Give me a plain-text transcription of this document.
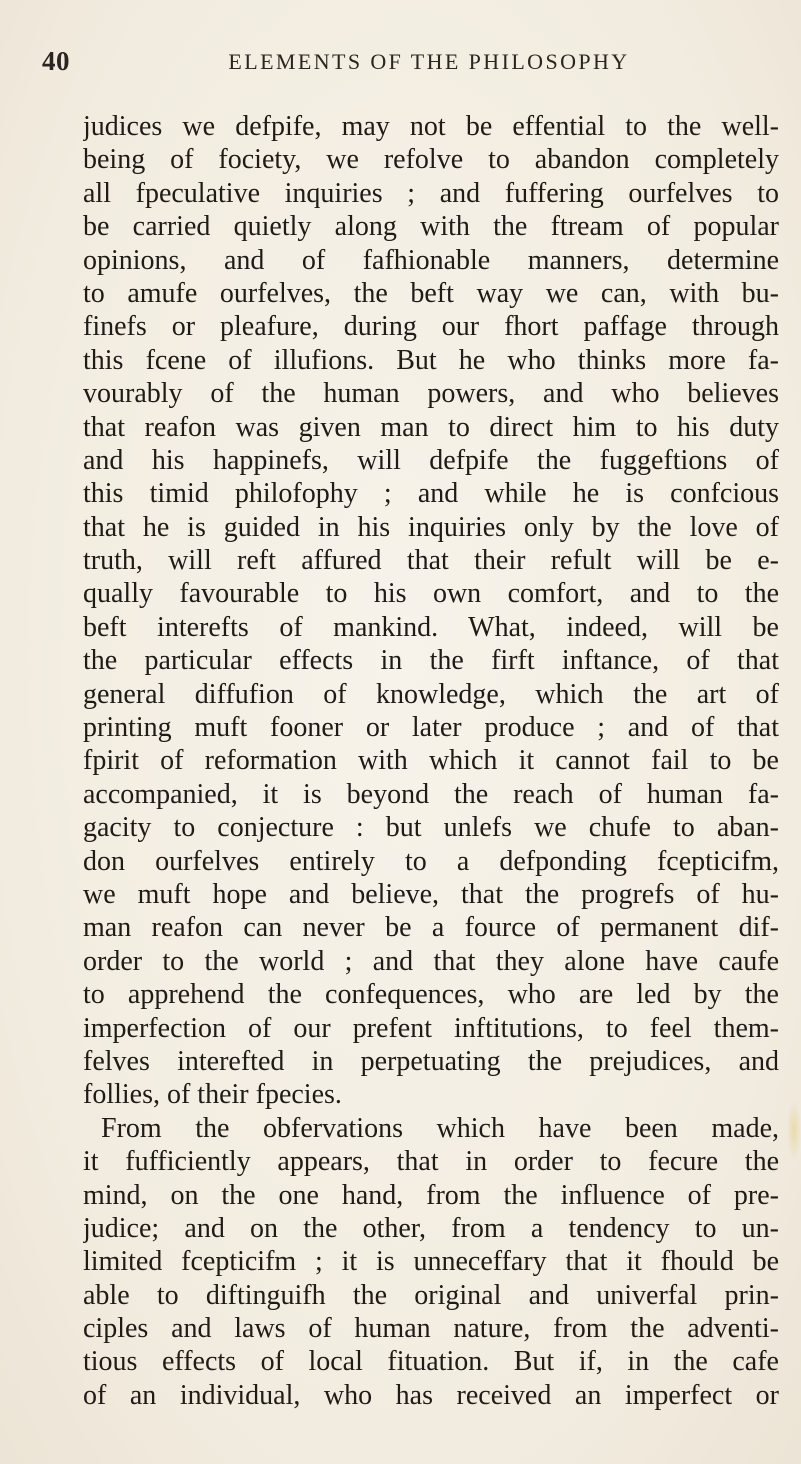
40	ELEMENTS OF THE PHILOSOPHY
judices we defpife, may not be effential to the well-
being of fociety, we refolve to abandon completely
all fpeculative inquiries ; and fuffering ourfelves to
be carried quietly along with the ftream of popular
opinions, and of fafhionable manners, determine
to amufe ourfelves, the beft way we can, with bu-
finefs or pleafure, during our fhort paffage through
this fcene of illufions. But he who thinks more fa-
vourably of the human powers, and who believes
that reafon was given man to direct him to his duty
and his happinefs, will defpife the fuggeftions of
this timid philofophy ; and while he is confcious
that he is guided in his inquiries only by the love of
truth, will reft affured that their refult will be e-
qually favourable to his own comfort, and to the
beft interefts of mankind. What, indeed, will be
the particular effects in the firft inftance, of that
general diffufion of knowledge, which the art of
printing muft fooner or later produce ; and of that
fpirit of reformation with which it cannot fail to be
accompanied, it is beyond the reach of human fa-
gacity to conjecture : but unlefs we chufe to aban-
don ourfelves entirely to a defponding fcepticifm,
we muft hope and believe, that the progrefs of hu-
man reafon can never be a fource of permanent dif-
order to the world ; and that they alone have caufe
to apprehend the confequences, who are led by the
imperfection of our prefent inftitutions, to feel them-
felves interefted in perpetuating the prejudices, and
follies, of their fpecies.
From the obfervations which have been made,
it fufficiently appears, that in order to fecure the
mind, on the one hand, from the influence of pre-
judice; and on the other, from a tendency to un-
limited fcepticifm ; it is unneceffary that it fhould be
able to diftinguifh the original and univerfal prin-
ciples and laws of human nature, from the adventi-
tious effects of local fituation. But if, in the cafe
of an individual, who has received an imperfect or
